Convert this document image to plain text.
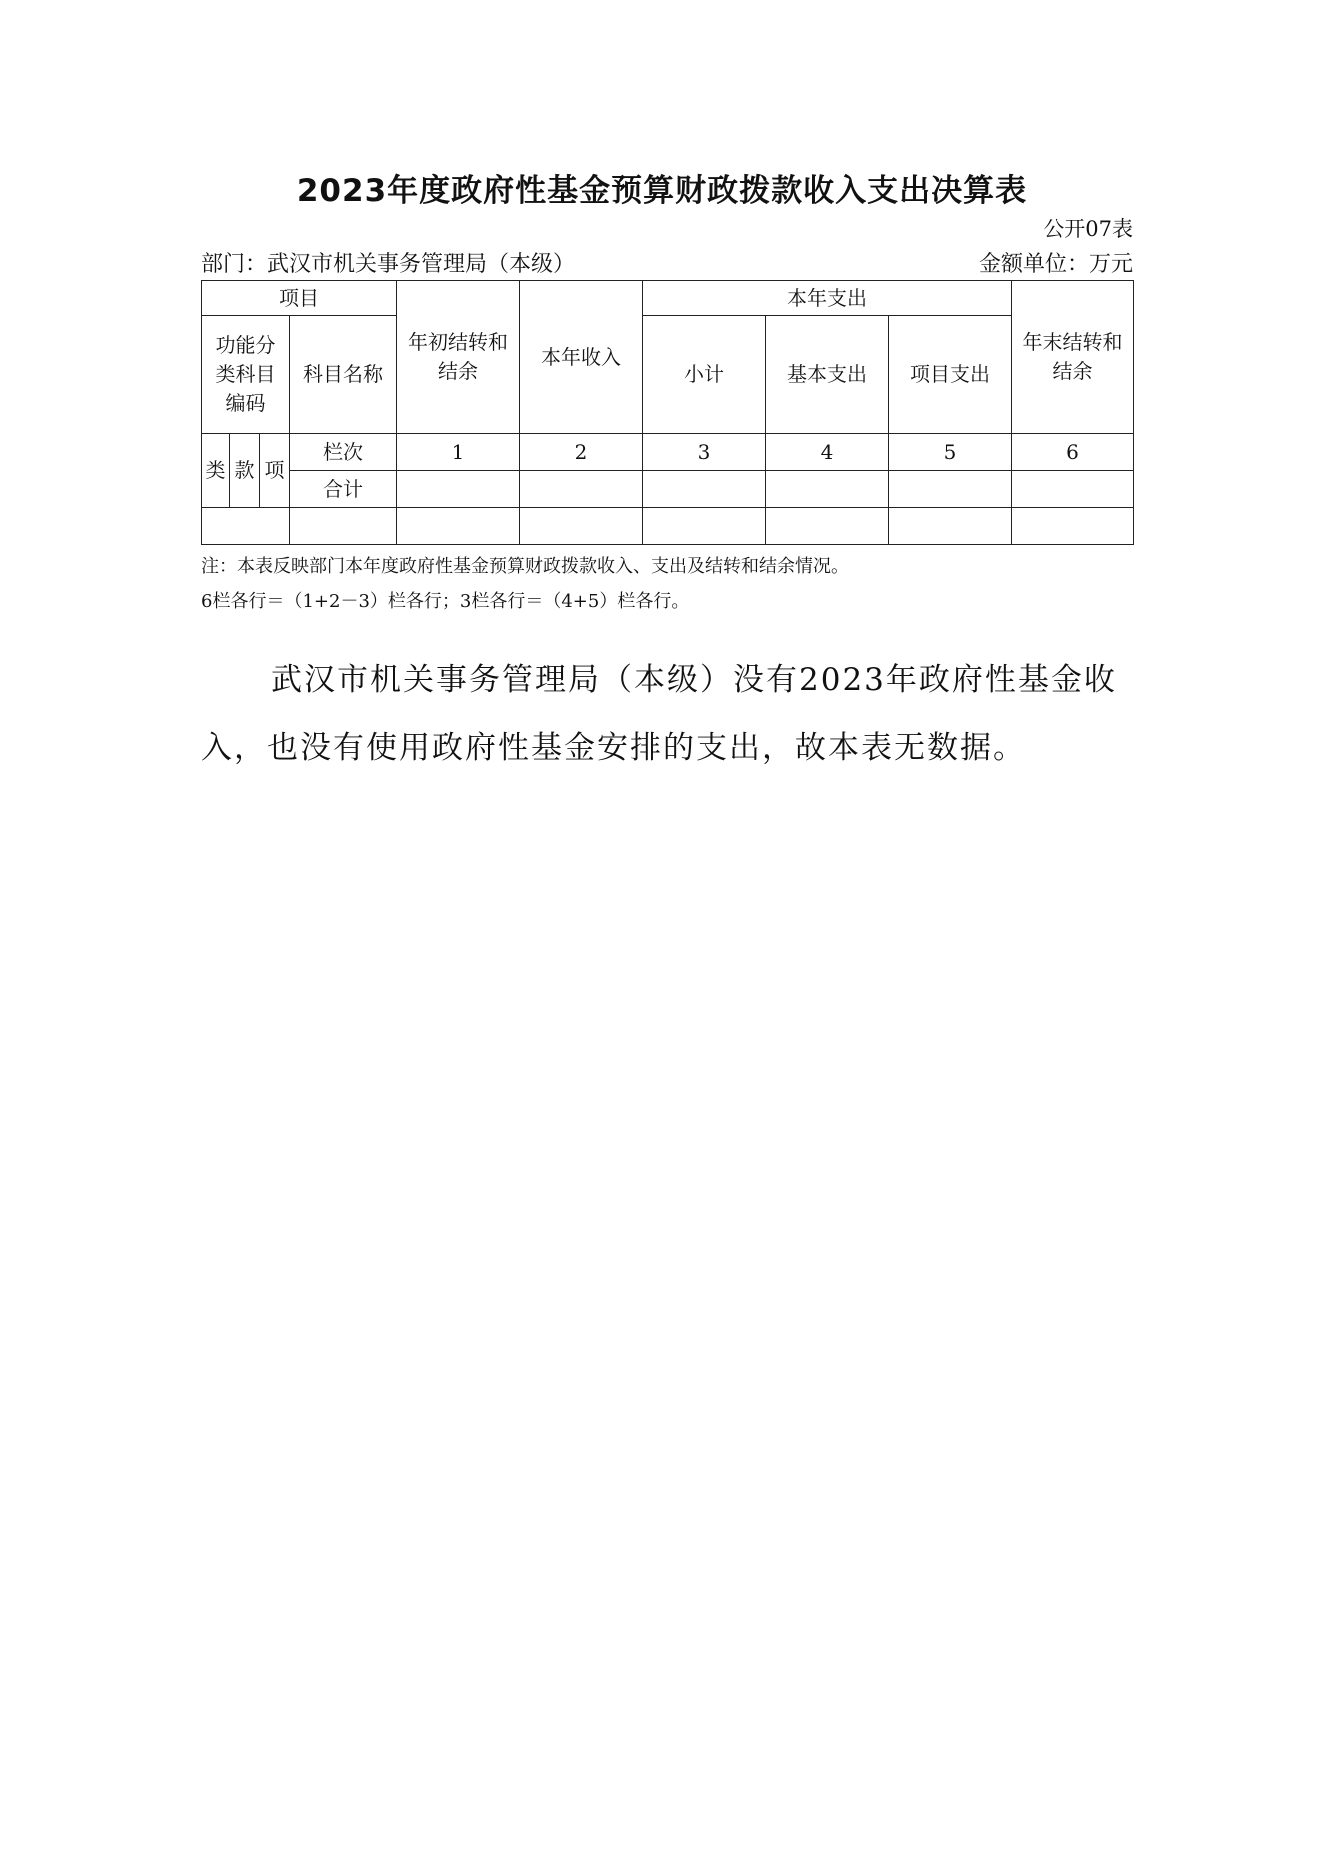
2023年度政府性基金预算财政拨款收入支出决算表
公开07表
部门：武汉市机关事务管理局（本级）	金额单位：万元
项目				年初结转和结余	本年收入	本年支出			年末结转和结余

功能分类科目编码			科目名称			小计	基本支出	项目支出	

类	款	项	栏次	1	2	3	4	5	6
			合计						

注：本表反映部门本年度政府性基金预算财政拨款收入、支出及结转和结余情况。
6栏各行＝（1+2－3）栏各行；3栏各行＝（4+5）栏各行。
武汉市机关事务管理局（本级）没有2023年政府性基金收入，也没有使用政府性基金安排的支出，故本表无数据。
